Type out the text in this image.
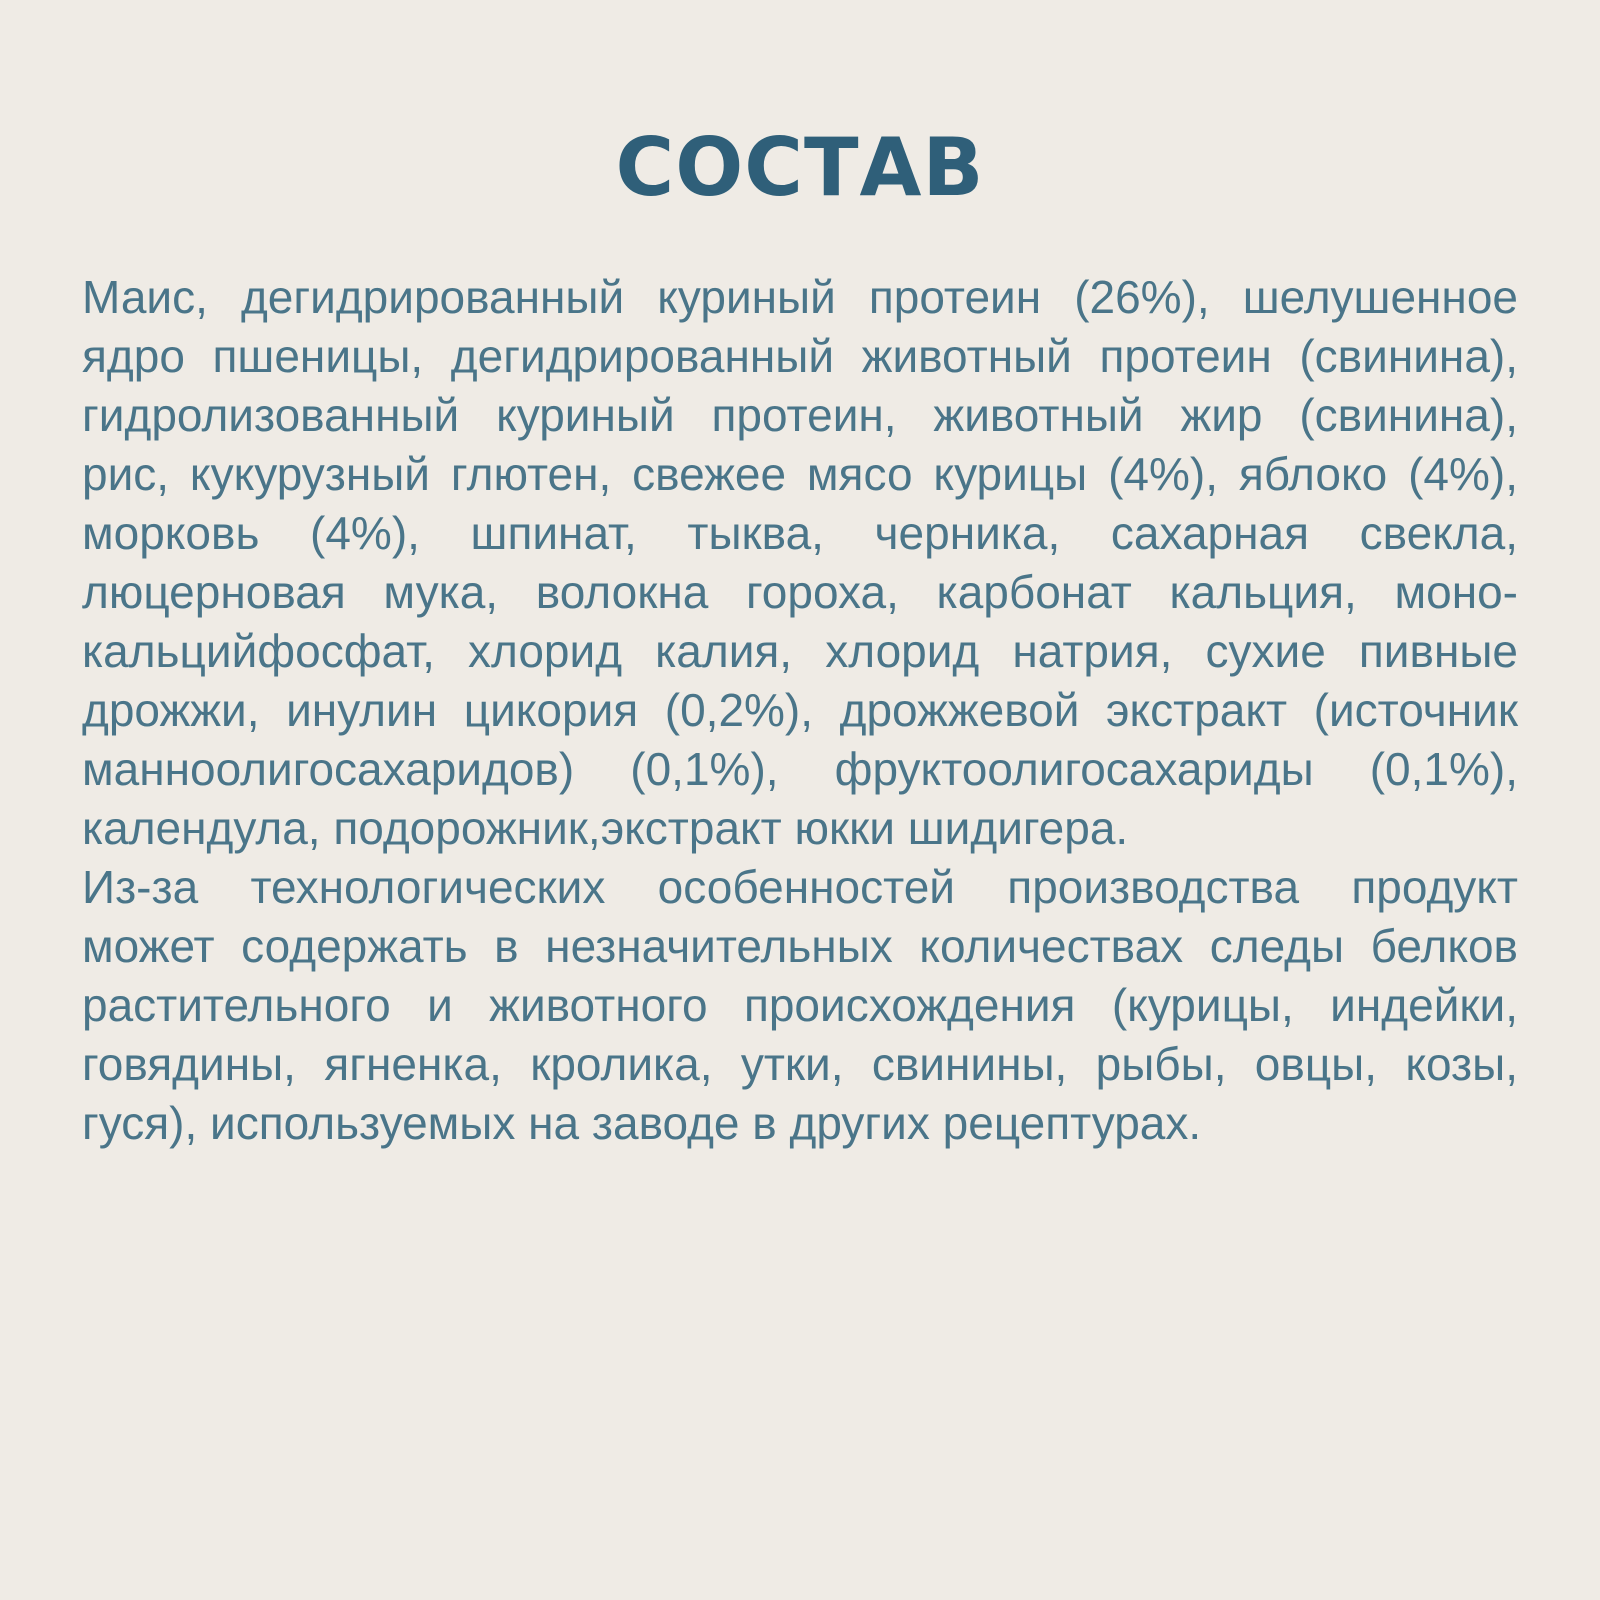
СОСТАВ
Маис, дегидрированный куриный протеин (26%), шелушенное
ядро пшеницы, дегидрированный животный протеин (свинина),
гидролизованный куриный протеин, животный жир (свинина),
рис, кукурузный глютен, свежее мясо курицы (4%), яблоко (4%),
морковь (4%), шпинат, тыква, черника, сахарная свекла,
люцерновая мука, волокна гороха, карбонат кальция, моно-
кальцийфосфат, хлорид калия, хлорид натрия, сухие пивные
дрожжи, инулин цикория (0,2%), дрожжевой экстракт (источник
маннoолигосахаридов) (0,1%), фруктоолигосахариды (0,1%),
календула, подорожник,экстракт юкки шидигера.
Из-за технологических особенностей производства продукт
может содержать в незначительных количествах следы белков
растительного и животного происхождения (курицы, индейки,
говядины, ягненка, кролика, утки, свинины, рыбы, овцы, козы,
гуся), используемых на заводе в других рецептурах.
